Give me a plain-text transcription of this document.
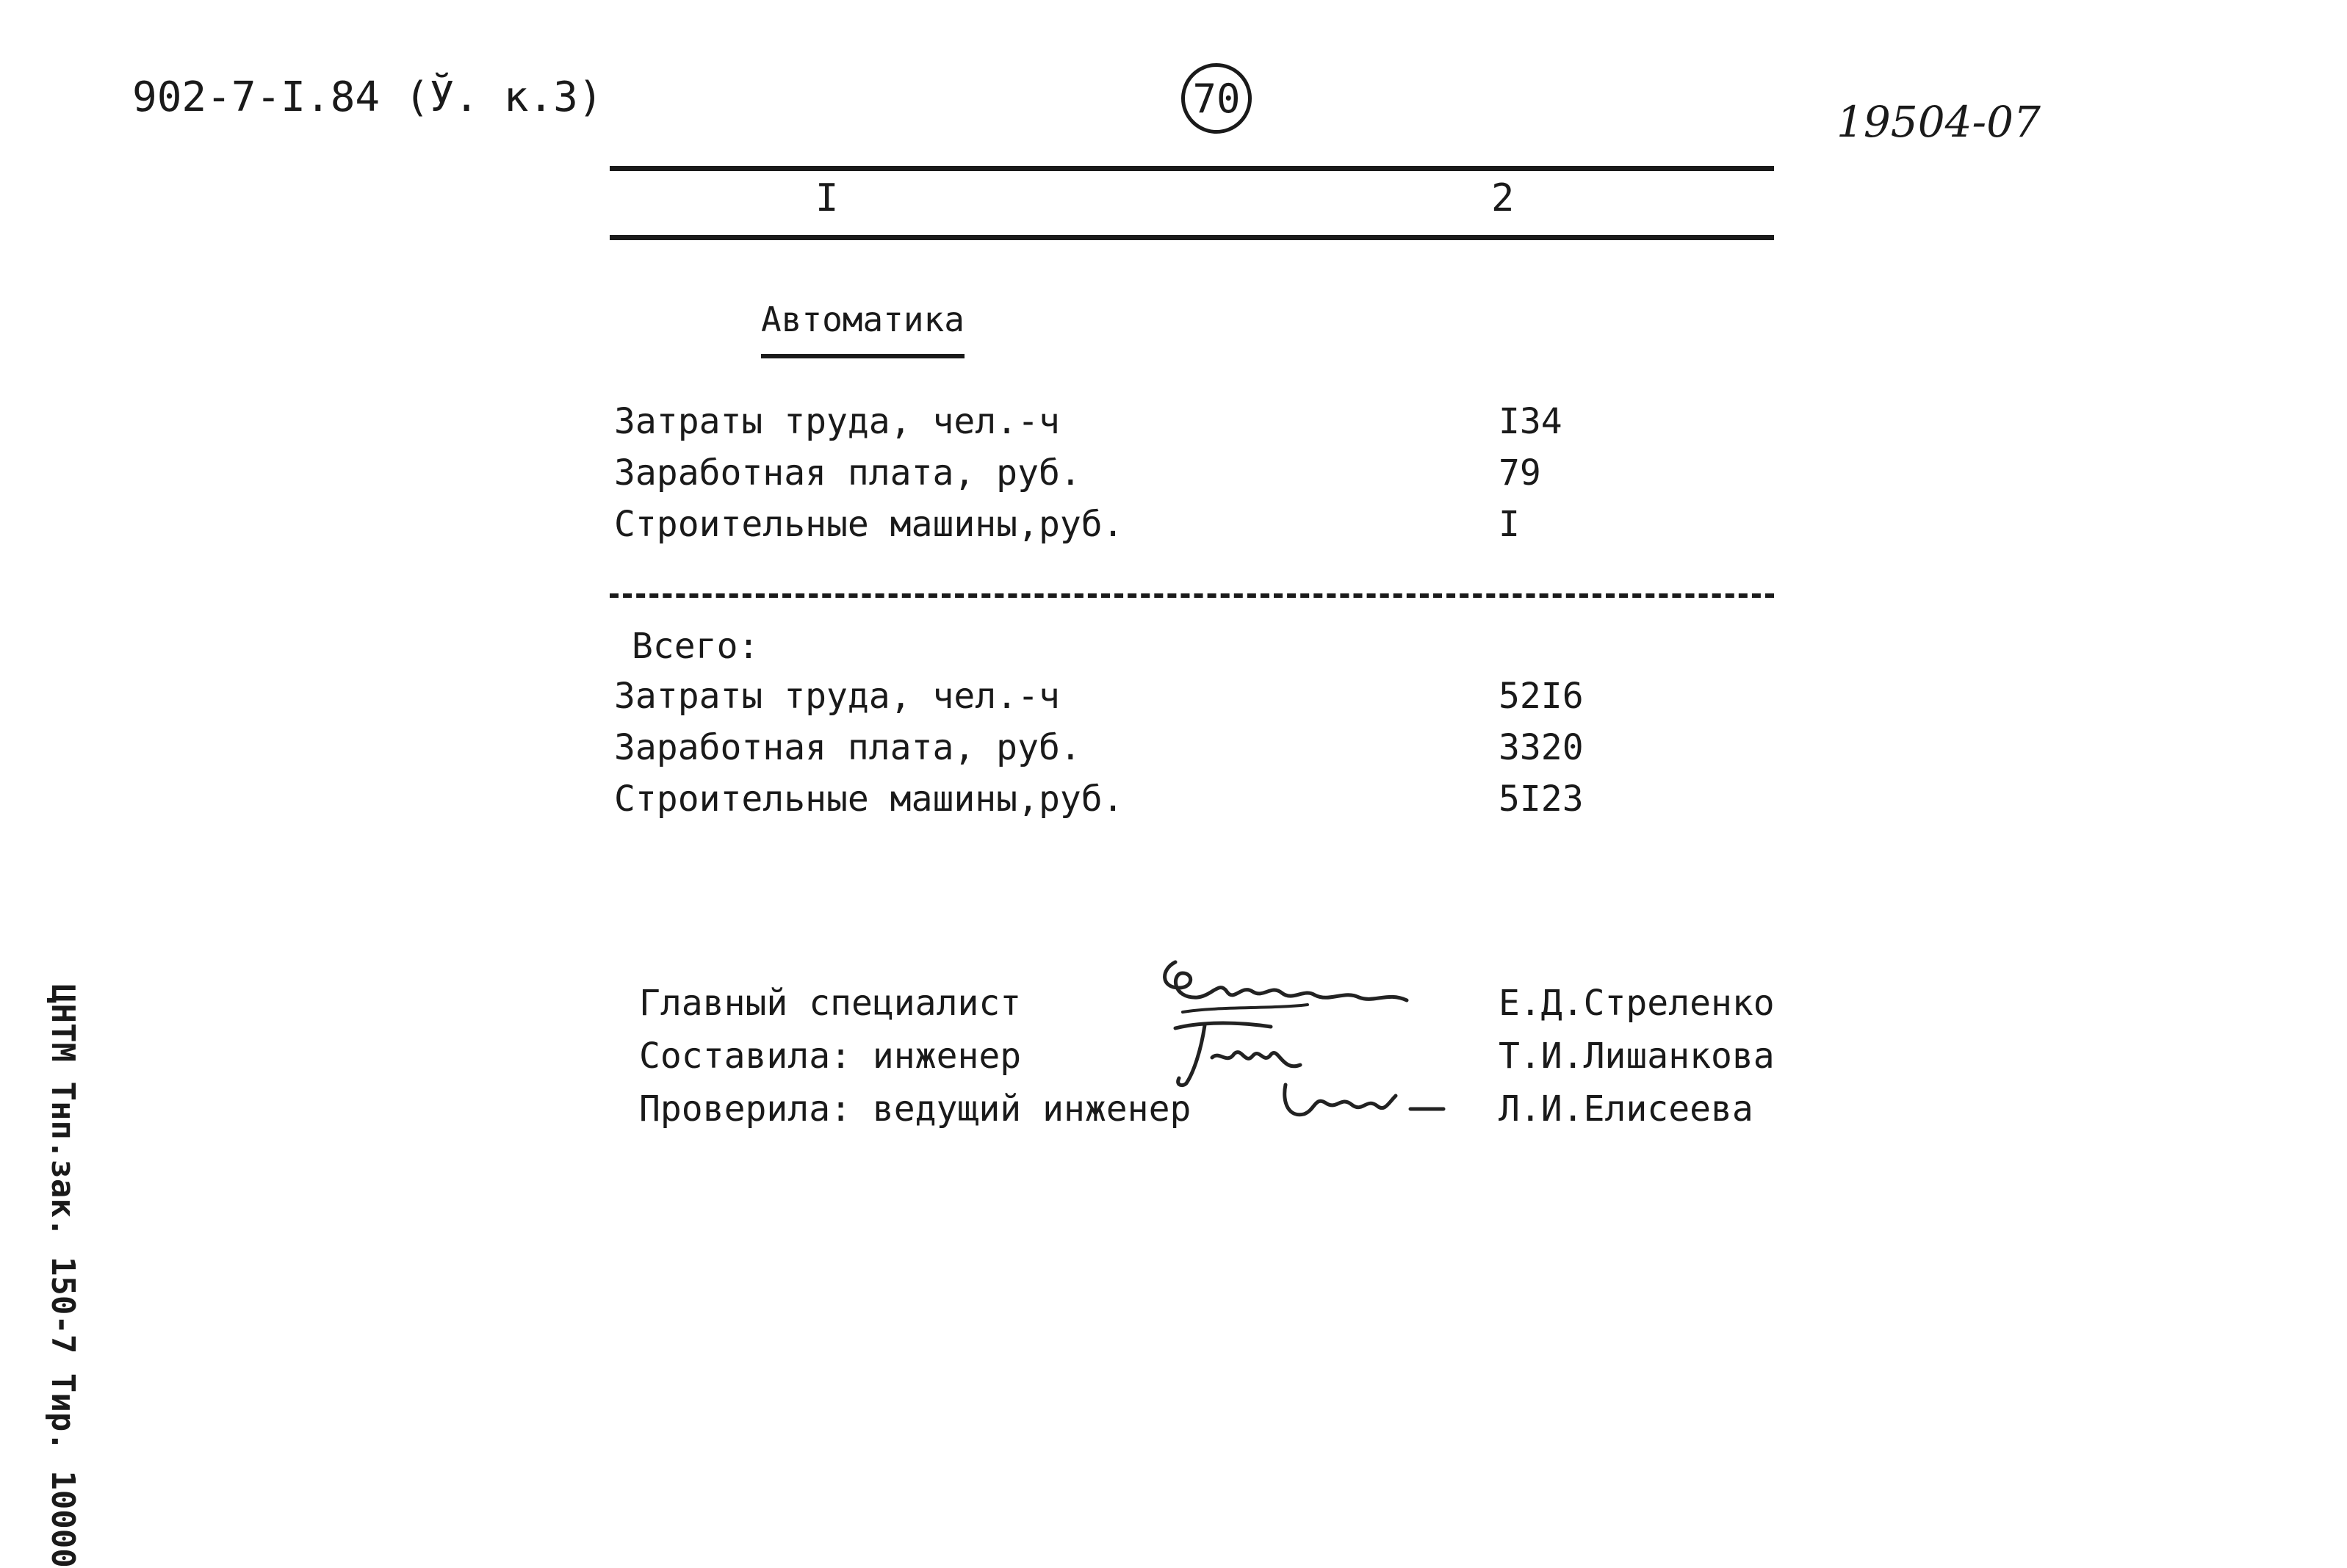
902-7-I.84 (Ў. к.3)	70	19504-07
I	2
Автоматика
Затраты труда, чел.-ч	I34
Заработная плата, руб.	79
Строительные машины,руб.	I
Всего:
Затраты труда, чел.-ч	52I6
Заработная плата, руб.	3320
Строительные машины,руб.	5I23
Главный специалист	Е.Д.Стреленко
Составила: инженер	Т.И.Лишанкова
Проверила: ведущий инженер	Л.И.Елисеева
ЦНТМ Тнп.зак. 150-7 Тир. 10000
